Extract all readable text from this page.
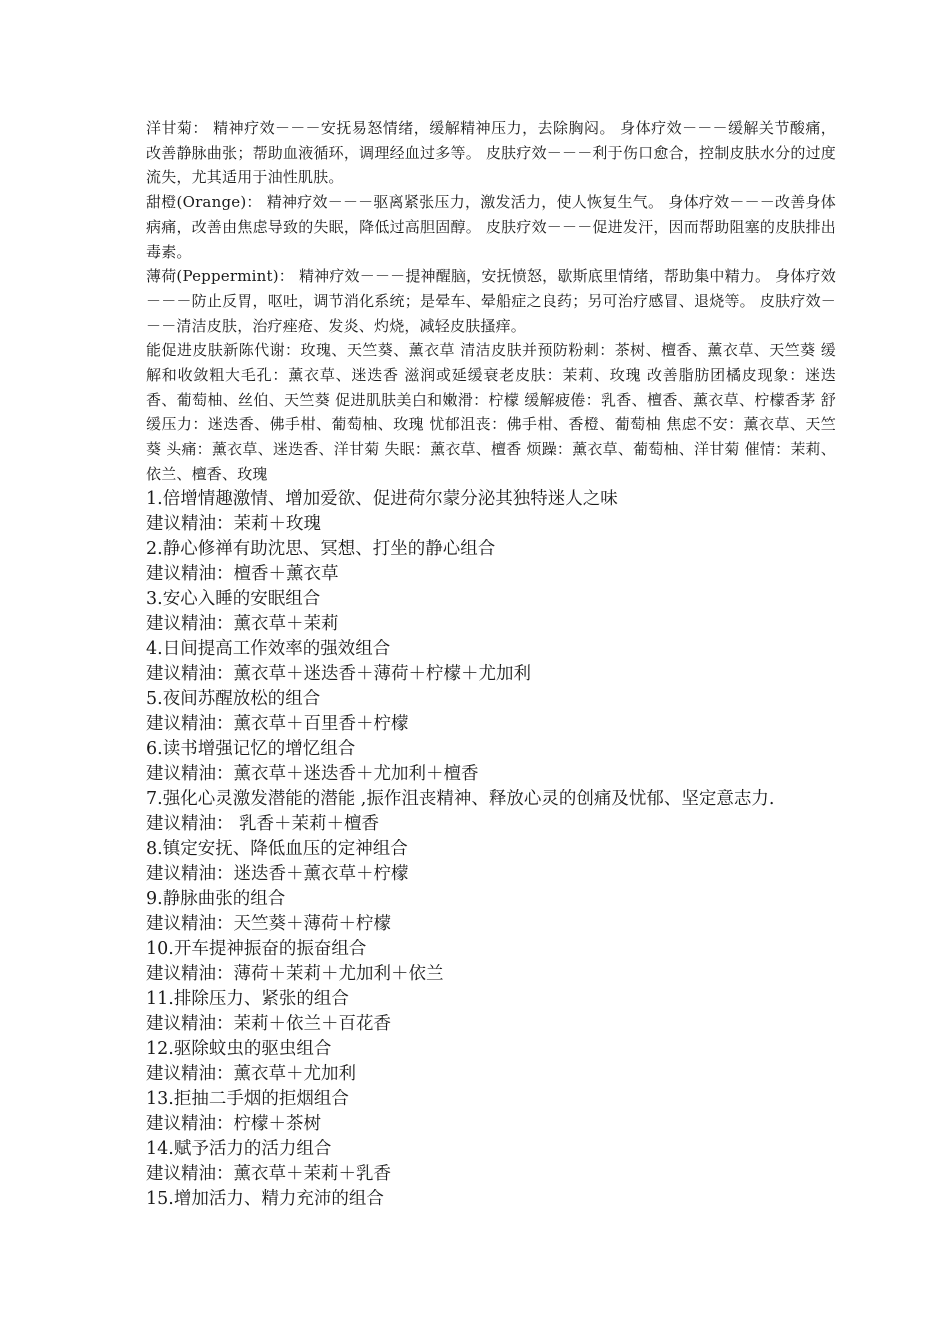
洋甘菊： 精神疗效－－－安抚易怒情绪，缓解精神压力，去除胸闷。 身体疗效－－－缓解关节酸痛，改善静脉曲张；帮助血液循环，调理经血过多等。 皮肤疗效－－－利于伤口愈合，控制皮肤水分的过度流失，尤其适用于油性肌肤。

甜橙(Orange)： 精神疗效－－－驱离紧张压力，激发活力，使人恢复生气。 身体疗效－－－改善身体病痛，改善由焦虑导致的失眠，降低过高胆固醇。 皮肤疗效－－－促进发汗，因而帮助阻塞的皮肤排出毒素。

薄荷(Peppermint)： 精神疗效－－－提神醒脑，安抚愤怒，歇斯底里情绪，帮助集中精力。 身体疗效－－－防止反胃，呕吐，调节消化系统；是晕车、晕船症之良药；另可治疗感冒、退烧等。 皮肤疗效－－－清洁皮肤，治疗痤疮、发炎、灼烧，减轻皮肤搔痒。

能促进皮肤新陈代谢：玫瑰、天竺葵、薰衣草 清洁皮肤并预防粉刺：茶树、檀香、薰衣草、天竺葵 缓解和收敛粗大毛孔：薰衣草、迷迭香 滋润或延缓衰老皮肤：茉莉、玫瑰 改善脂肪团橘皮现象：迷迭香、葡萄柚、丝伯、天竺葵 促进肌肤美白和嫩滑：柠檬 缓解疲倦：乳香、檀香、薰衣草、柠檬香茅 舒缓压力：迷迭香、佛手柑、葡萄柚、玫瑰 忧郁沮丧：佛手柑、香橙、葡萄柚 焦虑不安：薰衣草、天竺葵 头痛：薰衣草、迷迭香、洋甘菊 失眠：薰衣草、檀香 烦躁：薰衣草、葡萄柚、洋甘菊 催情：茉莉、依兰、檀香、玫瑰

1.倍增情趣激情、增加爱欲、促进荷尔蒙分泌其独特迷人之味

建议精油：茉莉＋玫瑰

2.静心修禅有助沈思、冥想、打坐的静心组合

建议精油：檀香＋薰衣草

3.安心入睡的安眠组合

建议精油：薰衣草＋茉莉

4.日间提高工作效率的强效组合

建议精油：薰衣草＋迷迭香＋薄荷＋柠檬＋尤加利

5.夜间苏醒放松的组合

建议精油：薰衣草＋百里香＋柠檬

6.读书增强记忆的增忆组合

建议精油：薰衣草＋迷迭香＋尤加利＋檀香

7.强化心灵激发潜能的潜能 ,振作沮丧精神、释放心灵的创痛及忧郁、坚定意志力.

建议精油： 乳香＋茉莉＋檀香

8.镇定安抚、降低血压的定神组合

建议精油：迷迭香＋薰衣草＋柠檬

9.静脉曲张的组合

建议精油：天竺葵＋薄荷＋柠檬

10.开车提神振奋的振奋组合

建议精油：薄荷＋茉莉＋尤加利＋依兰

11.排除压力、紧张的组合

建议精油：茉莉＋依兰＋百花香

12.驱除蚊虫的驱虫组合

建议精油：薰衣草＋尤加利

13.拒抽二手烟的拒烟组合

建议精油：柠檬＋茶树

14.赋予活力的活力组合

建议精油：薰衣草＋茉莉＋乳香

15.增加活力、精力充沛的组合
